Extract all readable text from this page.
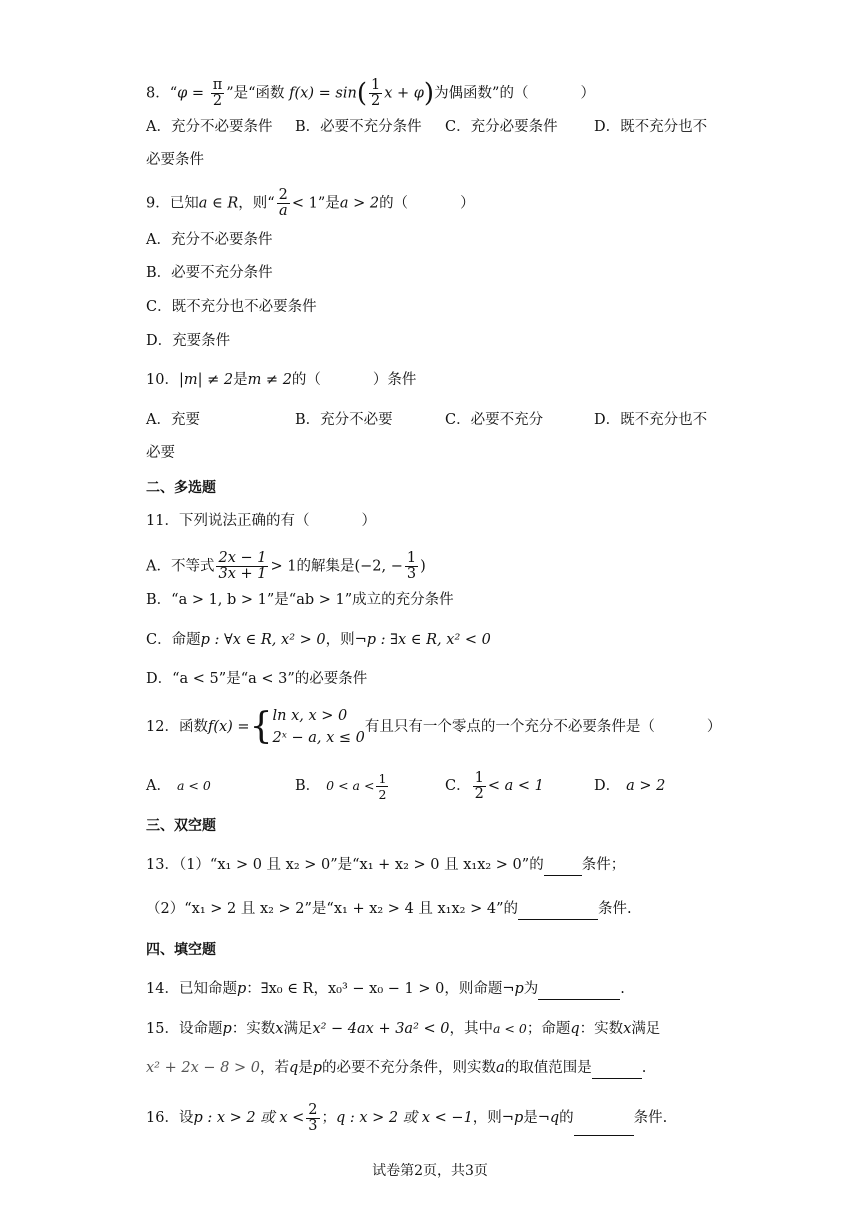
8．“$\varphi = \frac{\pi}{2}$ ”是“函数 $f(x) = \sin( \frac{1}{2}$ x + φ)为偶函数”的（	）
A．充分不必要条件 B．必要不充分条件 C．充分必要条件	D．既不充分也不
必要条件
9．已知a ∈ R，则“ $\frac{2}{a} < 1$”是a > 2的（	）
A．充分不必要条件
B．必要不充分条件
C．既不充分也不必要条件
D．充要条件
10．|m| ≠ 2是m ≠ 2的（	）条件
A．充要	B．充分不必要	C．必要不充分	D．既不充分也不
必要
二、多选题
11．下列说法正确的有（	）
A．不等式 $\frac{2x - 1}{3x + 1} > 1$的解集是(−2, − $\frac{1}{3}$ )
B．“a > 1, b > 1”是“ab > 1”成立的充分条件
C．命题p : ∀x ∈ R, x² > 0，则¬p : ∃x ∈ R, x² < 0
D．“a < 5”是“a < 3”的必要条件
12．函数f(x) ={ ln x, x > 0
2ˣ − a, x ≤ 0
有且只有一个零点的一个充分不必要条件是（	）
A． a < 0	B． $0 < a < \frac{1}{2}$	C． $\frac{1}{2} < a < 1$	D． a > 2
三、双空题
13．（1）“x₁ > 0 且 x₂ > 0”是“x₁ + x₂ > 0 且 x₁x₂ > 0”的	条件；
（2）“x₁ > 2 且 x₂ > 2”是“x₁ + x₂ > 4 且 x₁x₂ > 4”的	条件.
四、填空题
14．已知命题p：∃x₀ ∈ R，x₀³ − x₀ − 1 > 0，则命题¬p为	.
15．设命题p：实数x满足x² − 4ax + 3a² < 0，其中a < 0；命题q：实数x满足
x² + 2x − 8 > 0，若q是p的必要不充分条件，则实数a的取值范围是	.
16．设p : x > 2 或 $x < \frac{2}{3}$ ；q : x > 2 或 x < −1，则¬p是¬q的	条件.
试卷第2页，共3页
